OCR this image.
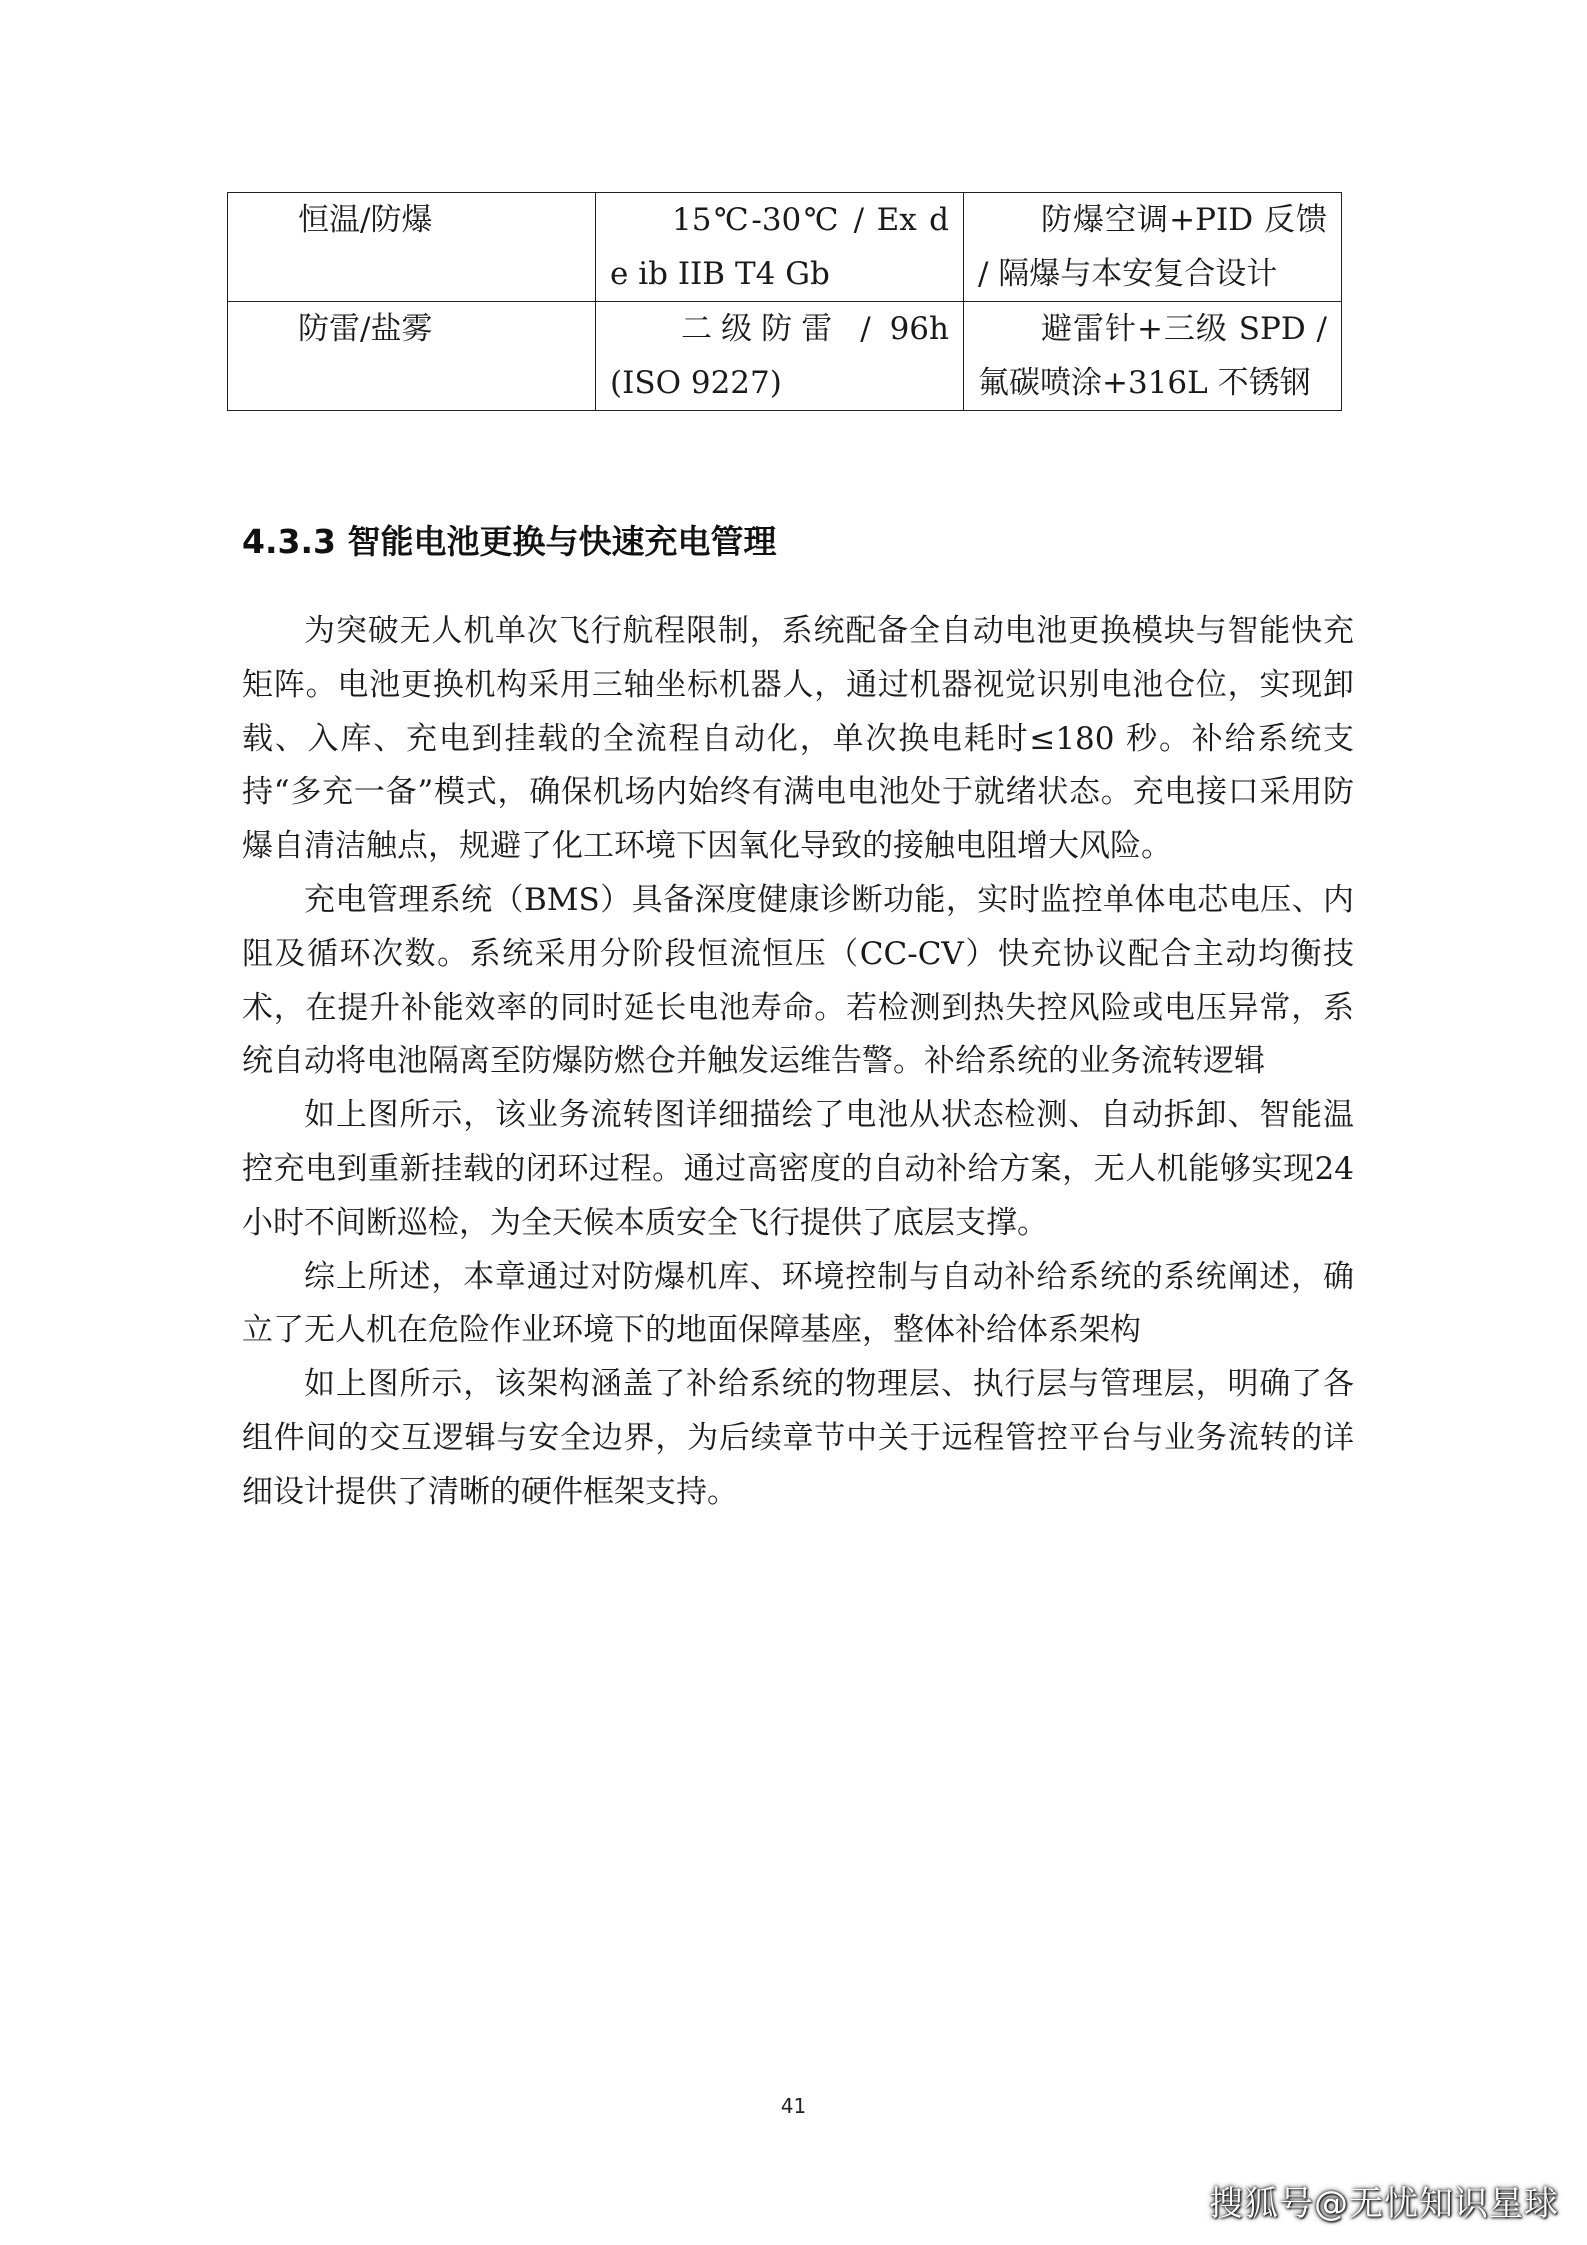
恒温/防爆	15℃-30℃ / Ex d e ib IIB T4 Gb	防爆空调+PID 反馈 / 隔爆与本安复合设计
防雷/盐雾	二级防雷 / 96h (ISO 9227)	避雷针+三级 SPD / 氟碳喷涂+316L 不锈钢
4.3.3 智能电池更换与快速充电管理

为突破无人机单次飞行航程限制，系统配备全自动电池更换模块与智能快充矩阵。电池更换机构采用三轴坐标机器人，通过机器视觉识别电池仓位，实现卸载、入库、充电到挂载的全流程自动化，单次换电耗时≤180 秒。补给系统支持“多充一备”模式，确保机场内始终有满电电池处于就绪状态。充电接口采用防爆自清洁触点，规避了化工环境下因氧化导致的接触电阻增大风险。

充电管理系统（BMS）具备深度健康诊断功能，实时监控单体电芯电压、内阻及循环次数。系统采用分阶段恒流恒压（CC-CV）快充协议配合主动均衡技术，在提升补能效率的同时延长电池寿命。若检测到热失控风险或电压异常，系统自动将电池隔离至防爆防燃仓并触发运维告警。补给系统的业务流转逻辑

如上图所示，该业务流转图详细描绘了电池从状态检测、自动拆卸、智能温控充电到重新挂载的闭环过程。通过高密度的自动补给方案，无人机能够实现24 小时不间断巡检，为全天候本质安全飞行提供了底层支撑。

综上所述，本章通过对防爆机库、环境控制与自动补给系统的系统阐述，确立了无人机在危险作业环境下的地面保障基座，整体补给体系架构

如上图所示，该架构涵盖了补给系统的物理层、执行层与管理层，明确了各组件间的交互逻辑与安全边界，为后续章节中关于远程管控平台与业务流转的详细设计提供了清晰的硬件框架支持。

41
搜狐号@无忧知识星球
